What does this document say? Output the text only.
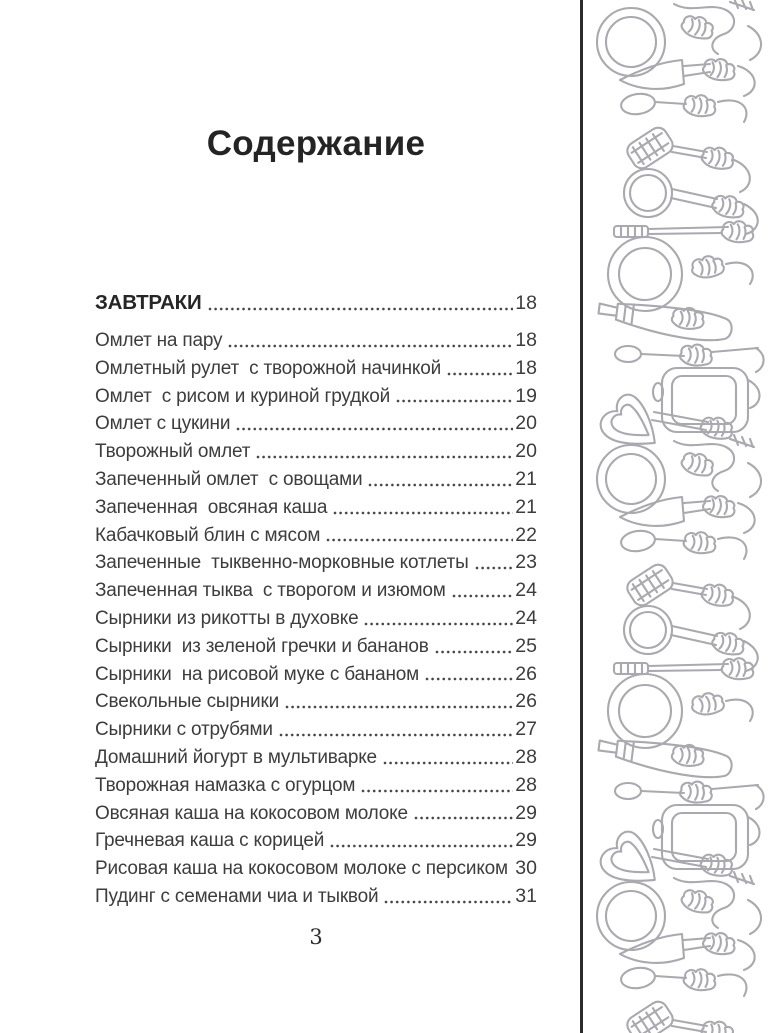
Содержание
ЗАВТРАКИ	18
Омлет на пару	18
Омлетный рулет  с творожной начинкой	18
Омлет  с рисом и куриной грудкой	19
Омлет с цукини	20
Творожный омлет	20
Запеченный омлет  с овощами	21
Запеченная  овсяная каша	21
Кабачковый блин с мясом	22
Запеченные  тыквенно-морковные котлеты 23
Запеченная тыква  с творогом и изюмом	24
Сырники из рикотты в духовке	24
Сырники  из зеленой гречки и бананов	25
Сырники  на рисовой муке с бананом	26
Свекольные сырники	26
Сырники с отрубями	27
Домашний йогурт в мультиварке	28
Творожная намазка с огурцом	28
Овсяная каша на кокосовом молоке	29
Гречневая каша с корицей	29
Рисовая каша на кокосовом молоке с персиком 30
Пудинг с семенами чиа и тыквой	31
3
